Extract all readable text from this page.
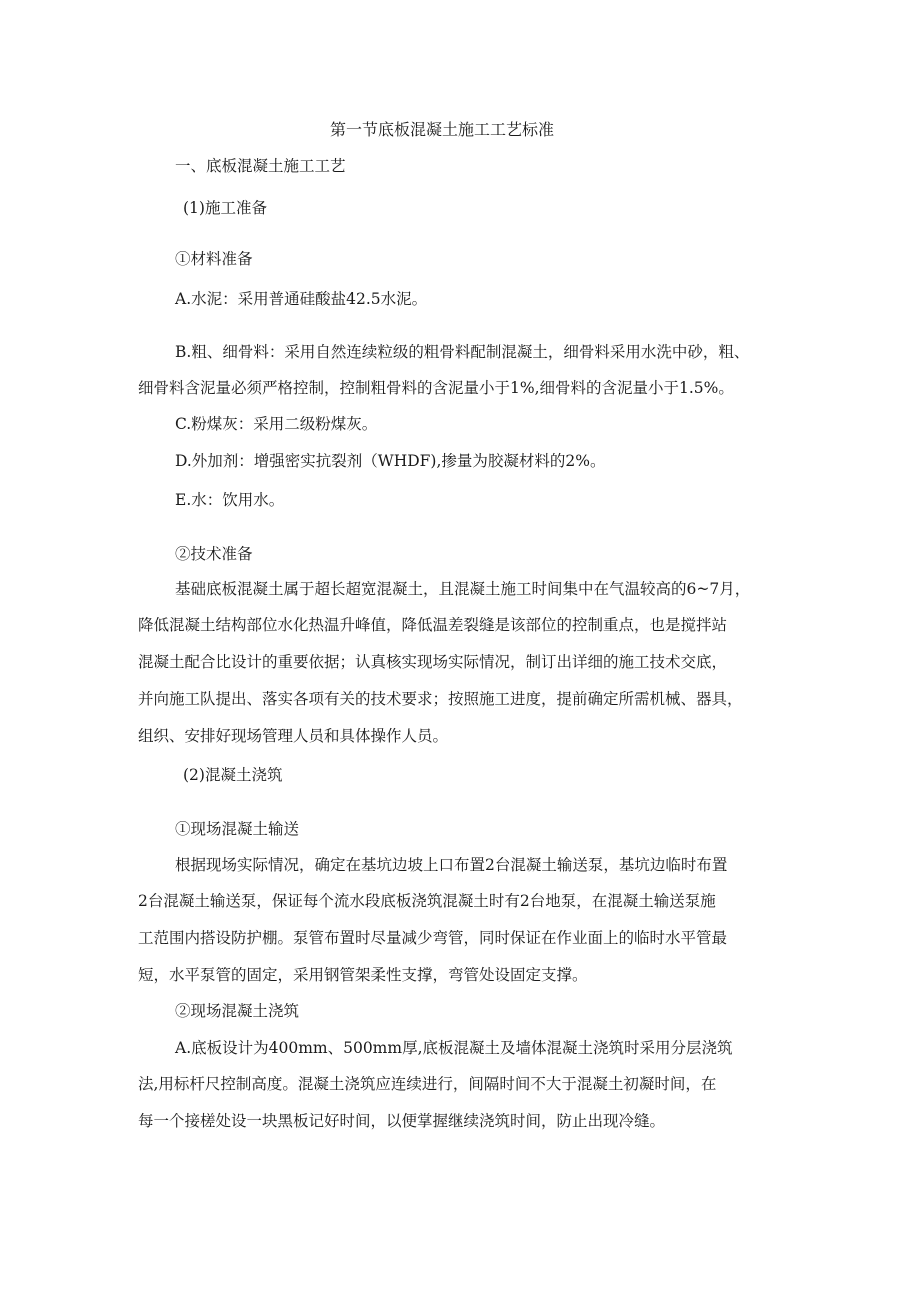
第一节底板混凝土施工工艺标准

一、底板混凝土施工工艺

(1)施工准备

①材料准备

A.水泥：采用普通硅酸盐42.5水泥。

B.粗、细骨料：采用自然连续粒级的粗骨料配制混凝土，细骨料采用水洗中砂，粗、

细骨料含泥量必须严格控制，控制粗骨料的含泥量小于1%,细骨料的含泥量小于1.5%。

C.粉煤灰：采用二级粉煤灰。

D.外加剂：增强密实抗裂剂（WHDF),掺量为胶凝材料的2%。

E.水：饮用水。

②技术准备

基础底板混凝土属于超长超宽混凝土，且混凝土施工时间集中在气温较高的6~7月，

降低混凝土结构部位水化热温升峰值，降低温差裂缝是该部位的控制重点，也是搅拌站

混凝土配合比设计的重要依据；认真核实现场实际情况，制订出详细的施工技术交底，

并向施工队提出、落实各项有关的技术要求；按照施工进度，提前确定所需机械、器具，

组织、安排好现场管理人员和具体操作人员。

(2)混凝土浇筑

①现场混凝土输送

根据现场实际情况，确定在基坑边坡上口布置2台混凝土输送泵，基坑边临时布置

2台混凝土输送泵，保证每个流水段底板浇筑混凝土时有2台地泵，在混凝土输送泵施

工范围内搭设防护棚。泵管布置时尽量减少弯管，同时保证在作业面上的临时水平管最

短，水平泵管的固定，采用钢管架柔性支撑，弯管处设固定支撑。

②现场混凝土浇筑

A.底板设计为400mm、500mm厚,底板混凝土及墙体混凝土浇筑时采用分层浇筑

法,用标杆尺控制高度。混凝土浇筑应连续进行，间隔时间不大于混凝土初凝时间，在

每一个接槎处设一块黑板记好时间，以便掌握继续浇筑时间，防止出现冷缝。
